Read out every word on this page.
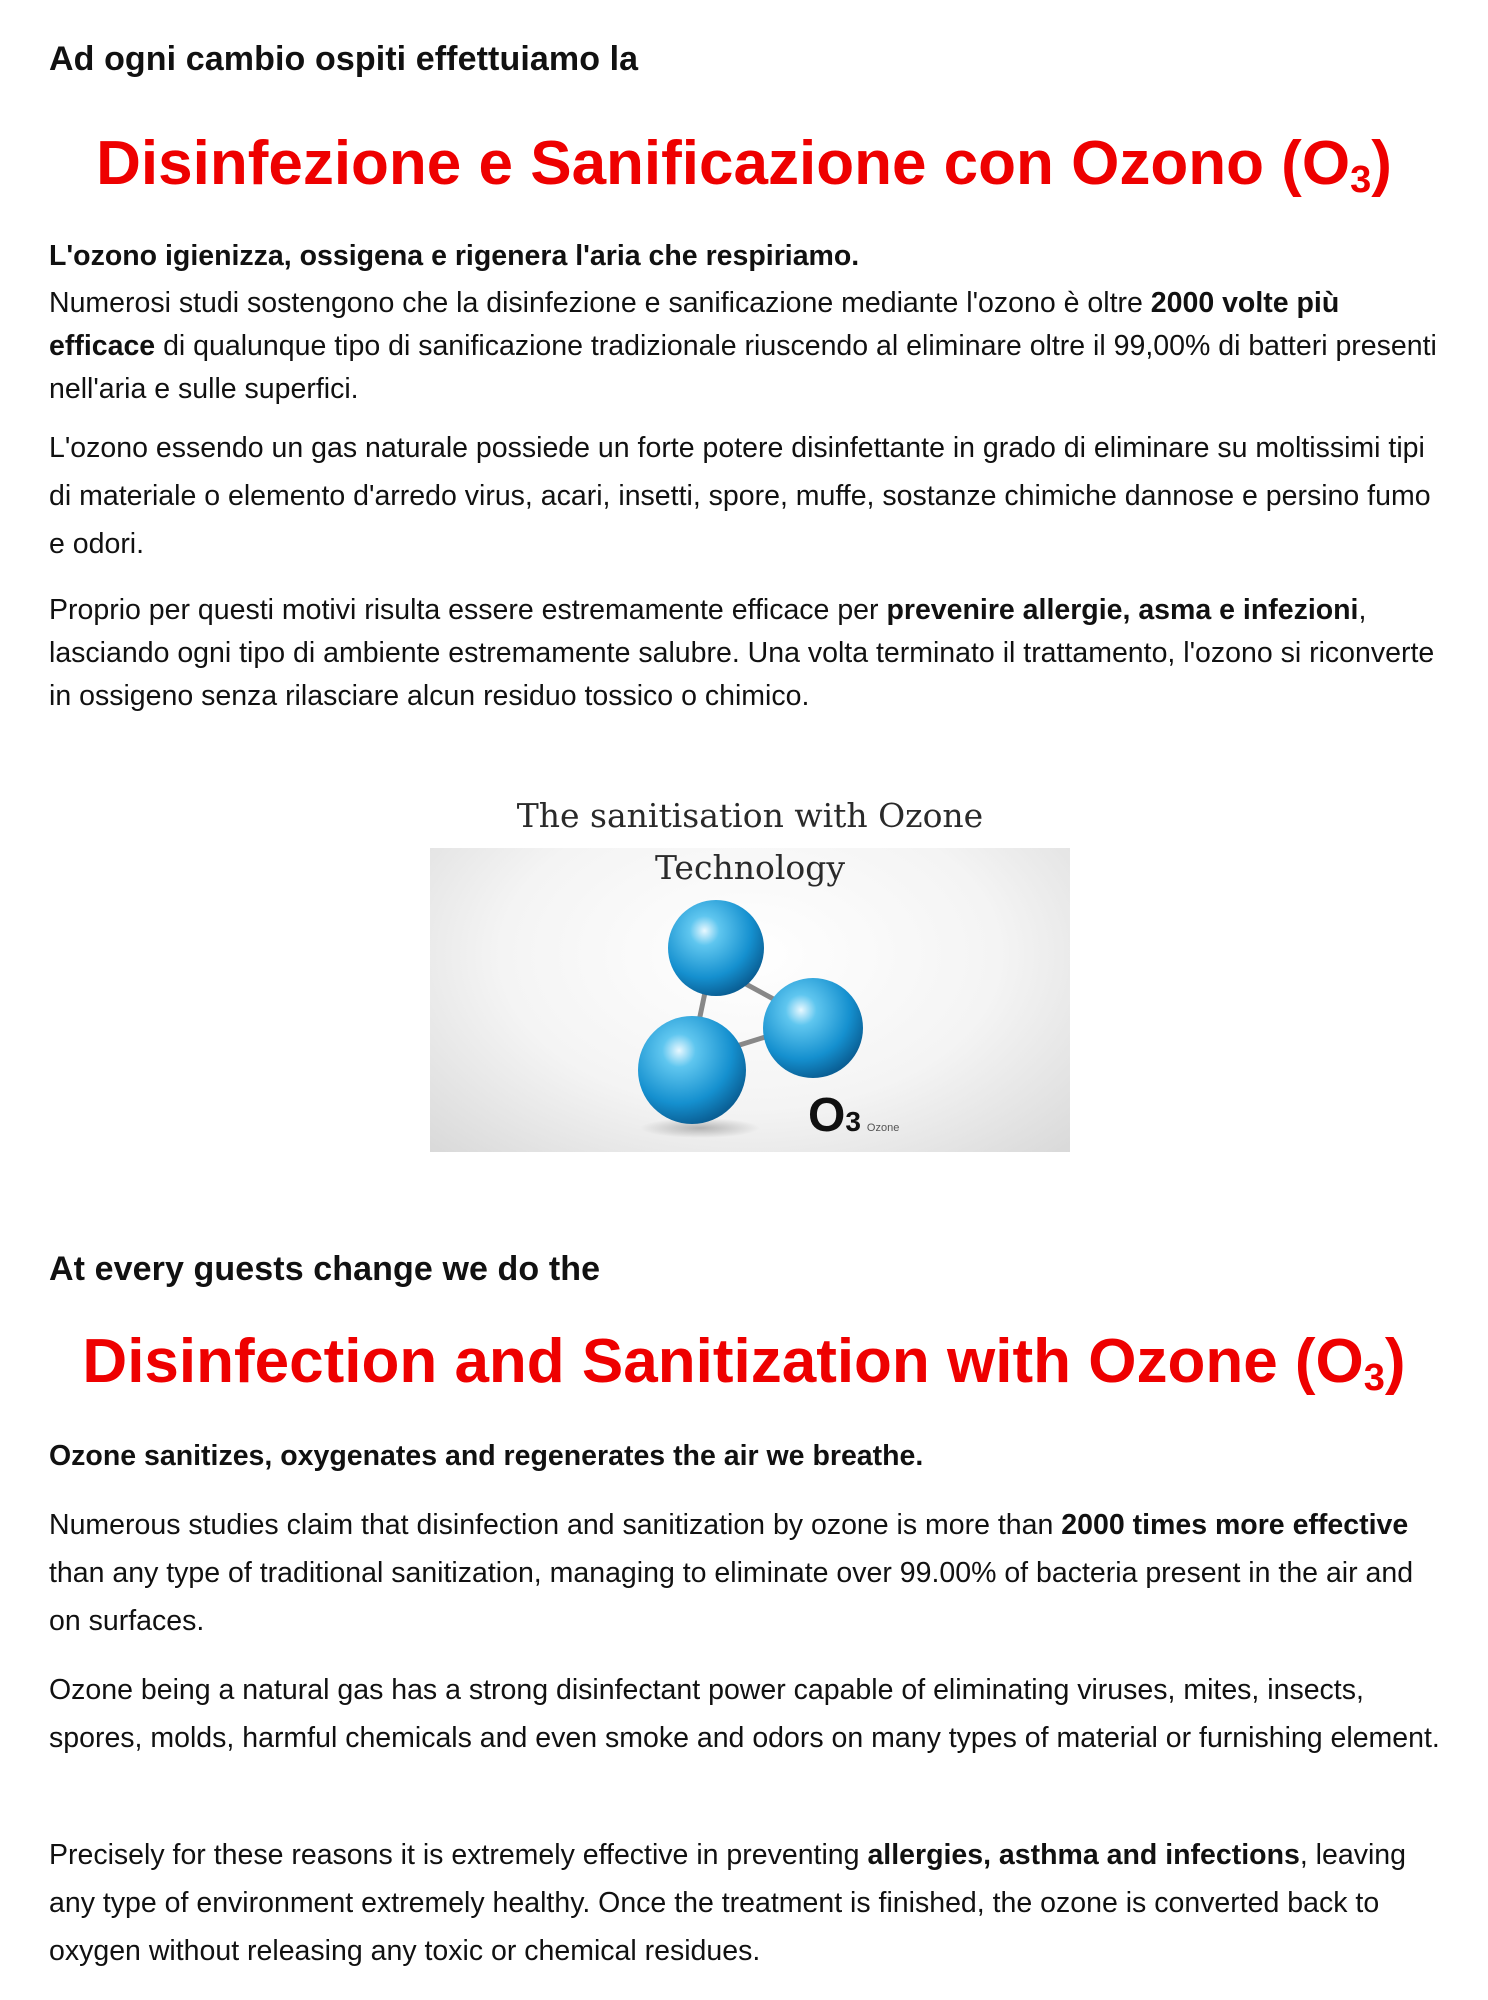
Ad ogni cambio ospiti effettuiamo la

Disinfezione e Sanificazione con Ozono $(O_3)$

L'ozono igienizza, ossigena e rigenera l'aria che respiriamo.

Numerosi studi sostengono che la disinfezione e sanificazione mediante l'ozono è oltre 2000 volte più efficace di qualunque tipo di sanificazione tradizionale riuscendo al eliminare oltre il 99,00% di batteri presenti nell'aria e sulle superfici.

L'ozono essendo un gas naturale possiede un forte potere disinfettante in grado di eliminare su moltissimi tipi di materiale o elemento d'arredo virus, acari, insetti, spore, muffe, sostanze chimiche dannose e persino fumo e odori.

Proprio per questi motivi risulta essere estremamente efficace per prevenire allergie, asma e infezioni, lasciando ogni tipo di ambiente estremamente salubre. Una volta terminato il trattamento, l'ozono si riconverte in ossigeno senza rilasciare alcun residuo tossico o chimico.

The sanitisation with Ozone

Technology
O3 Ozone

At every guests change we do the

Disinfection and Sanitization with Ozone $(O_3)$

Ozone sanitizes, oxygenates and regenerates the air we breathe.

Numerous studies claim that disinfection and sanitization by ozone is more than 2000 times more effective than any type of traditional sanitization, managing to eliminate over 99.00% of bacteria present in the air and on surfaces.

Ozone being a natural gas has a strong disinfectant power capable of eliminating viruses, mites, insects, spores, molds, harmful chemicals and even smoke and odors on many types of material or furnishing element.

Precisely for these reasons it is extremely effective in preventing allergies, asthma and infections, leaving any type of environment extremely healthy. Once the treatment is finished, the ozone is converted back to oxygen without releasing any toxic or chemical residues.
